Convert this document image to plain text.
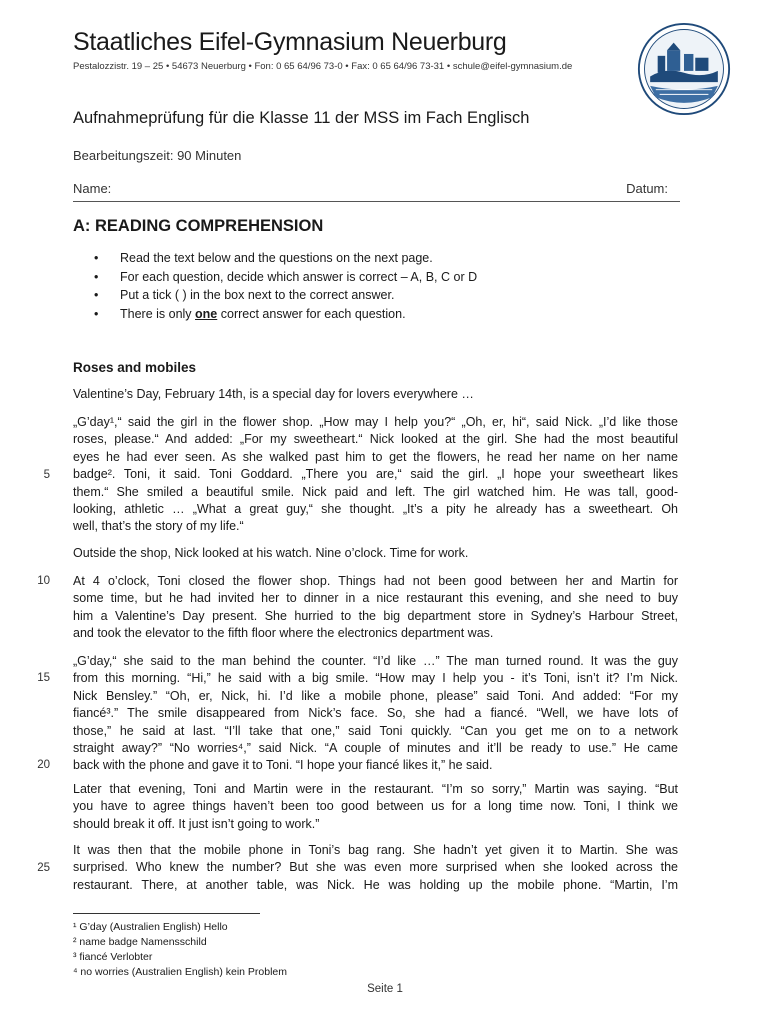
Staatliches Eifel-Gymnasium Neuerburg
Pestalozzistr. 19 – 25 • 54673 Neuerburg • Fon: 0 65 64/96 73-0 • Fax: 0 65 64/96 73-31 • schule@eifel-gymnasium.de
Aufnahmeprüfung für die Klasse 11 der MSS im Fach Englisch
Bearbeitungszeit: 90 Minuten
Name:	Datum:
A: READING COMPREHENSION
• Read the text below and the questions on the next page.
• For each question, decide which answer is correct – A, B, C or D
• Put a tick ( ) in the box next to the correct answer.
• There is only one correct answer for each question.
Roses and mobiles
Valentine’s Day, February 14th, is a special day for lovers everywhere …
„G’day¹,“ said the girl in the flower shop. „How may I help you?“ „Oh, er, hi“, said Nick. „I’d like those
roses, please.“ And added: „For my sweetheart.“ Nick looked at the girl. She had the most beautiful
eyes he had ever seen. As she walked past him to get the flowers, he read her name on her name
badge². Toni, it said. Toni Goddard. „There you are,“ said the girl. „I hope your sweetheart likes
them.“ She smiled a beautiful smile. Nick paid and left. The girl watched him. He was tall, good-
looking, athletic … „What a great guy,“ she thought. „It’s a pity he already has a sweetheart. Oh
well, that’s the story of my life.“
Outside the shop, Nick looked at his watch. Nine o’clock. Time for work.
At 4 o’clock, Toni closed the flower shop. Things had not been good between her and Martin for
some time, but he had invited her to dinner in a nice restaurant this evening, and she need to buy
him a Valentine’s Day present. She hurried to the big department store in Sydney’s Harbour Street,
and took the elevator to the fifth floor where the electronics department was.
„G’day,“ she said to the man behind the counter. “I’d like …” The man turned round. It was the guy
from this morning. “Hi,” he said with a big smile. “How may I help you - it’s Toni, isn’t it? I’m Nick.
Nick Bensley.” “Oh, er, Nick, hi. I’d like a mobile phone, please” said Toni. And added: “For my
fiancé³.” The smile disappeared from Nick’s face. So, she had a fiancé. “Well, we have lots of
those,” he said at last. “I’ll take that one,” said Toni quickly. “Can you get me on to a network
straight away?” “No worries⁴,” said Nick. “A couple of minutes and it’ll be ready to use.” He came
back with the phone and gave it to Toni. “I hope your fiancé likes it,” he said.
Later that evening, Toni and Martin were in the restaurant. “I’m so sorry,” Martin was saying. “But
you have to agree things haven’t been too good between us for a long time now. Toni, I think we
should break it off. It just isn’t going to work.”
It was then that the mobile phone in Toni’s bag rang. She hadn’t yet given it to Martin. She was
surprised. Who knew the number? But she was even more surprised when she looked across the
restaurant. There, at another table, was Nick. He was holding up the mobile phone. “Martin, I’m
5
10
15
20
25
¹ G’day (Australien English) Hello
² name badge Namensschild
³ fiancé Verlobter
⁴ no worries (Australien English) kein Problem
Seite 1
